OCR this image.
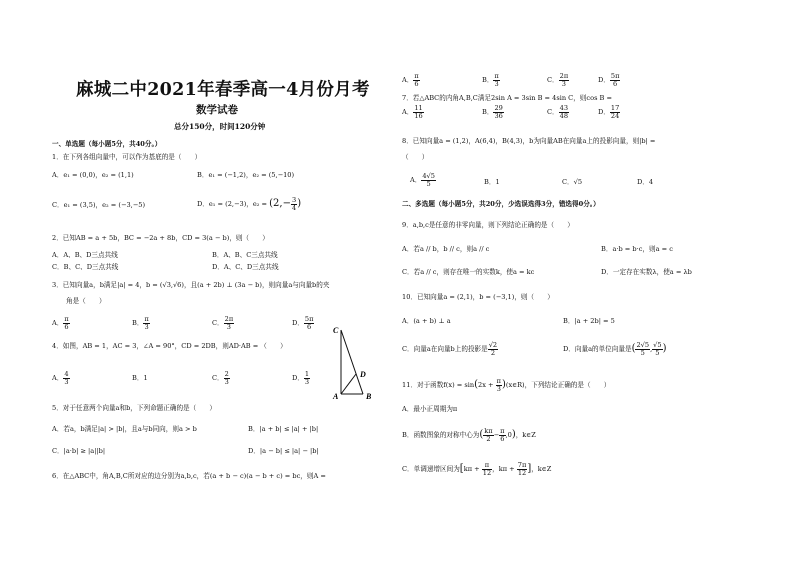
麻城二中2021年春季高一4月份月考
数学试卷
总分150分，时间120分钟
一、单选题（每小题5分，共40分。）
1．在下列各组向量中，可以作为基底的是（　　）
A．e₁ = (0,0)，e₂ = (1,1)	B．e₁ = (−1,2)，e₂ = (5,−10)
C．e₁ = (3,5)，e₂ = (−3,−5)	D．e₁ = (2,−3)，$e_2 = (2,- \frac{3}{4}$ )
2．已知AB = a + 5b，BC = −2a + 8b，CD = 3(a − b)，则（　　）
A．A、B、D三点共线	B．A、B、C三点共线
C．B、C、D三点共线	D．A、C、D三点共线
3．已知向量a，b满足|a| = 4，b = (√3,√6)，且(a + 2b) ⊥ (3a − b)，则向量a与向量b的夹
角是（　　）
A． $\frac{\pi}{6}$	B． $\frac{\pi}{3}$	C． $\frac{2\pi}{3}$	D． $\frac{5\pi}{6}$
4．如图，AB = 1，AC = 3，∠A = 90°，CD = 2DB，则AD·AB = （　　）
A． $\frac{4}{3}$	B．1	C． $\frac{2}{3}$	D． $\frac{1}{3}$
C
D
A	B
5．对于任意两个向量a和b，下列命题正确的是（　　）
A．若a，b满足|a| > |b|，且a与b同向，则a > b	B．|a + b| ≤ |a| + |b|
C．|a·b| ≥ |a||b|	D．|a − b| ≤ |a| − |b|
6．在△ABC中，角A,B,C所对应的边分别为a,b,c，若(a + b − c)(a − b + c) = bc，则A =
A． $\frac{\pi}{6}$	B． $\frac{\pi}{3}$	C． $\frac{2\pi}{3}$	D． $\frac{5\pi}{6}$
7．若△ABC的内角A,B,C满足2sin A = 3sin B = 4sin C，则cos B =
A． $\frac{11}{16}$	B． $\frac{29}{36}$	C． $\frac{43}{48}$	D． $\frac{17}{24}$
8．已知向量a = (1,2)，A(6,4)，B(4,3)，b为向量AB在向量a上的投影向量，则|b| =
（　　）
A． $\frac{4√5}{5}$	B．1	C．√5	D．4
二、多选题（每小题5分，共20分，少选误选得3分，错选得0分。）
9．a,b,c是任意的非零向量，则下列结论正确的是（　　）
A．若a // b，b // c，则a // c	B．a·b = b·c，则a = c
C．若a // c，则存在唯一的实数k，使a = kc	D．一定存在实数λ，使a = λb
10．已知向量a = (2,1)，b = (−3,1)，则（　　）
A．(a + b) ⊥ a	B．|a + 2b| = 5
C．向量a在向量b上的投影是 $\frac{√2}{2}$	D．向量a的单位向量是( $\frac{2√5}{5}$ , $\frac{√5}{5}$ )
11．对于函数$f(x) = \sin(2x + \frac{\pi}{3}$ )(x∈R)，下列结论正确的是（　　）
A．最小正周期为π
B．函数图象的对称中心为( $\frac{k\pi}{2} - \frac{\pi}{6} ,0$)，k∈Z
C．单调递增区间为[$k\pi + \frac{\pi}{12}$ ，$k\pi + \frac{7\pi}{12}$ ]，k∈Z
